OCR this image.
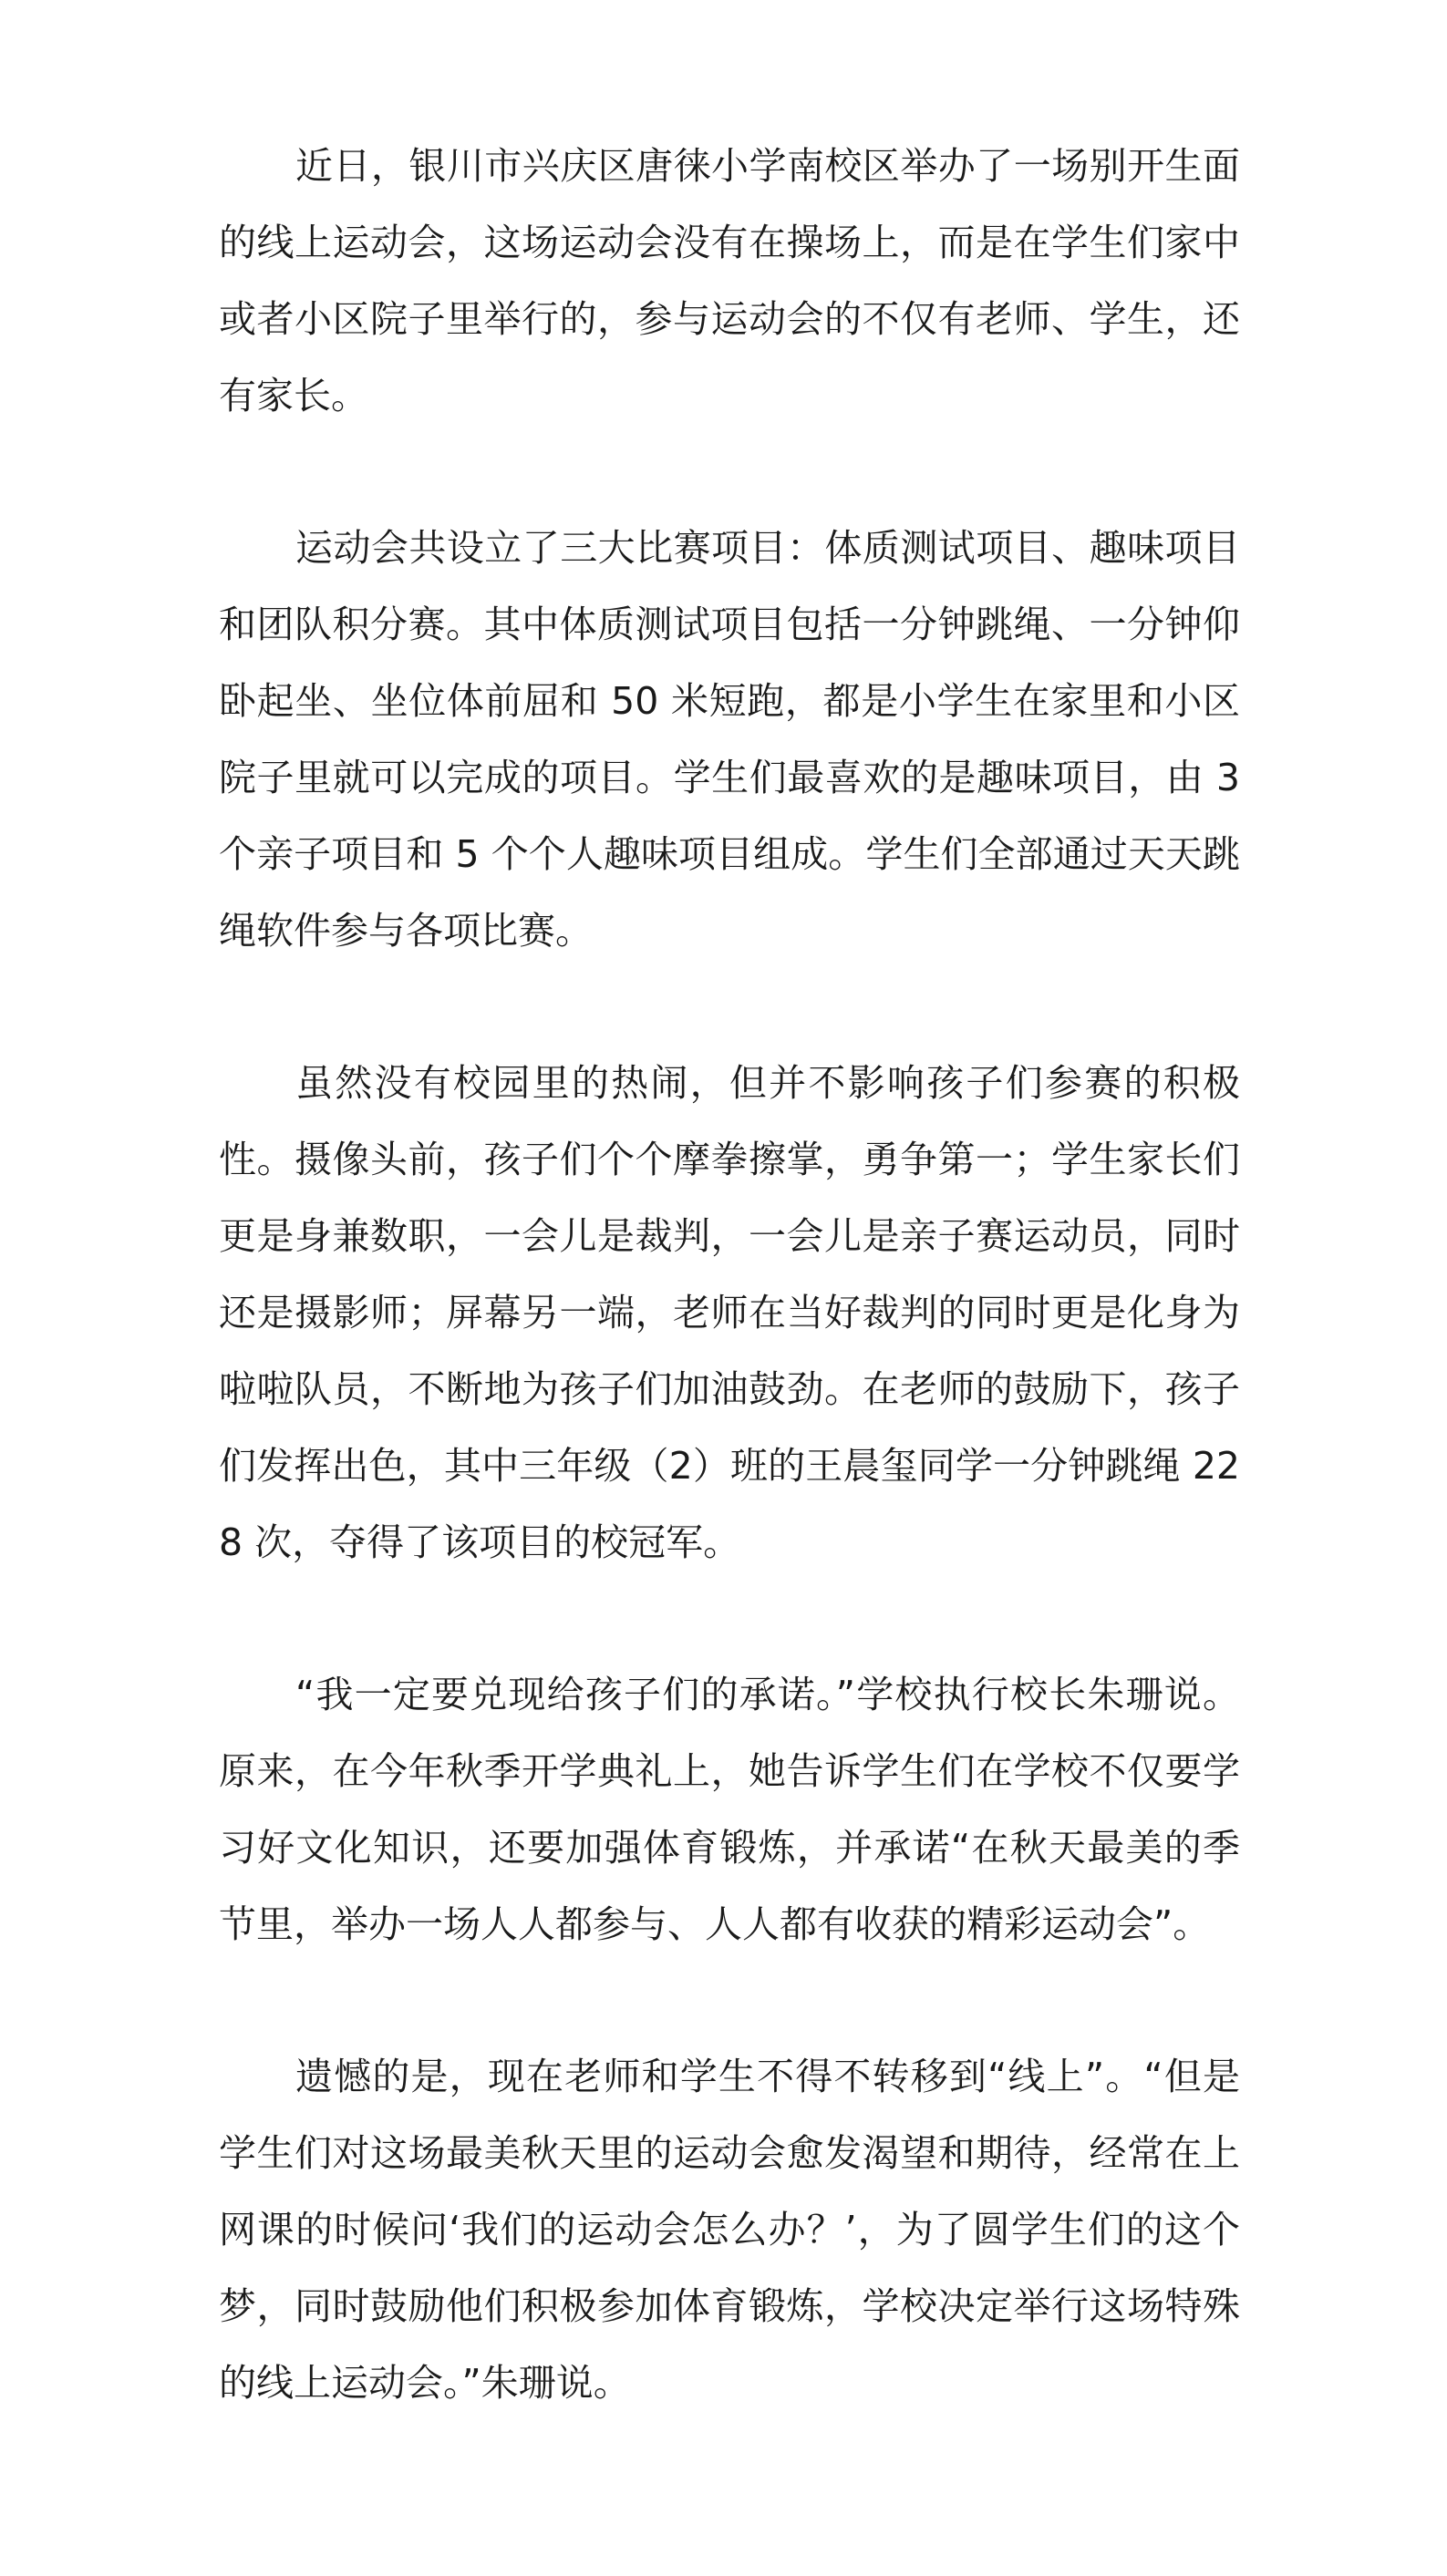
近日，银川市兴庆区唐徕小学南校区举办了一场别开生面的线上运动会，这场运动会没有在操场上，而是在学生们家中或者小区院子里举行的，参与运动会的不仅有老师、学生，还有家长。

运动会共设立了三大比赛项目：体质测试项目、趣味项目和团队积分赛。其中体质测试项目包括一分钟跳绳、一分钟仰卧起坐、坐位体前屈和 50 米短跑，都是小学生在家里和小区院子里就可以完成的项目。学生们最喜欢的是趣味项目，由 3 个亲子项目和 5 个个人趣味项目组成。学生们全部通过天天跳绳软件参与各项比赛。

虽然没有校园里的热闹，但并不影响孩子们参赛的积极性。摄像头前，孩子们个个摩拳擦掌，勇争第一；学生家长们更是身兼数职，一会儿是裁判，一会儿是亲子赛运动员，同时还是摄影师；屏幕另一端，老师在当好裁判的同时更是化身为啦啦队员，不断地为孩子们加油鼓劲。在老师的鼓励下，孩子们发挥出色，其中三年级（2）班的王晨玺同学一分钟跳绳 228 次，夺得了该项目的校冠军。

“我一定要兑现给孩子们的承诺。”学校执行校长朱珊说。原来，在今年秋季开学典礼上，她告诉学生们在学校不仅要学习好文化知识，还要加强体育锻炼，并承诺“在秋天最美的季节里，举办一场人人都参与、人人都有收获的精彩运动会”。

遗憾的是，现在老师和学生不得不转移到“线上”。“但是学生们对这场最美秋天里的运动会愈发渴望和期待，经常在上网课的时候问‘我们的运动会怎么办？’，为了圆学生们的这个梦，同时鼓励他们积极参加体育锻炼，学校决定举行这场特殊的线上运动会。”朱珊说。
